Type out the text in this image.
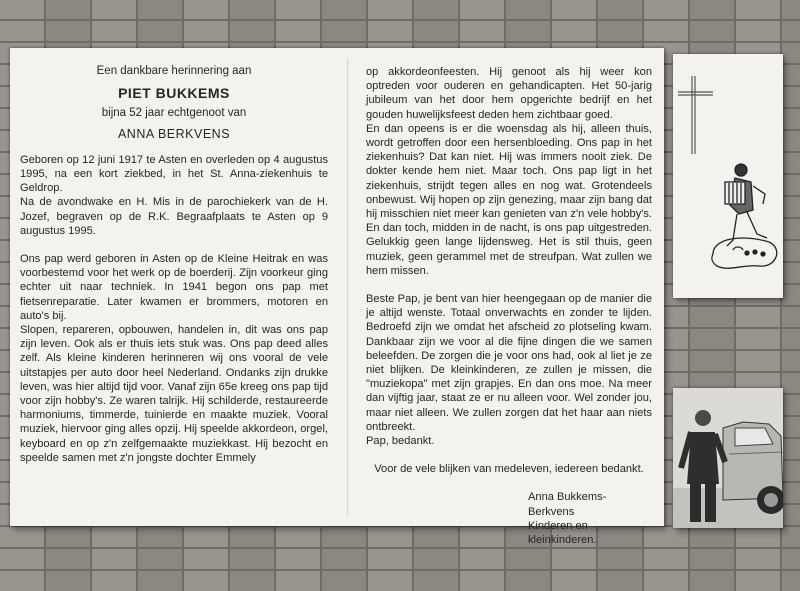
Een dankbare herinnering aan

PIET BUKKEMS

bijna 52 jaar echtgenoot van

ANNA BERKVENS

Geboren op 12 juni 1917 te Asten en overleden op 4 augustus 1995, na een kort ziekbed, in het St. Anna-ziekenhuis te Geldrop.

Na de avondwake en H. Mis in de parochiekerk van de H. Jozef, begraven op de R.K. Begraafplaats te Asten op 9 augustus 1995.

Ons pap werd geboren in Asten op de Kleine Heitrak en was voorbestemd voor het werk op de boerderij. Zijn voorkeur ging echter uit naar techniek. In 1941 begon ons pap met fietsenreparatie. Later kwamen er brommers, motoren en auto's bij.

Slopen, repareren, opbouwen, handelen in, dit was ons pap zijn leven. Ook als er thuis iets stuk was. Ons pap deed alles zelf. Als kleine kinderen herinneren wij ons vooral de vele uitstapjes per auto door heel Nederland. Ondanks zijn drukke leven, was hier altijd tijd voor. Vanaf zijn 65e kreeg ons pap tijd voor zijn hobby's. Ze waren talrijk. Hij schilderde, restaureerde harmoniums, timmerde, tuinierde en maakte muziek. Vooral muziek, hiervoor ging alles opzij. Hij speelde akkordeon, orgel, keyboard en op z'n zelfgemaakte muziekkast. Hij bezocht en speelde samen met z'n jongste dochter Emmely

op akkordeonfeesten. Hij genoot als hij weer kon optreden voor ouderen en gehandicapten. Het 50-jarig jubileum van het door hem opgerichte bedrijf en het gouden huwelijksfeest deden hem zichtbaar goed.

En dan opeens is er die woensdag als hij, alleen thuis, wordt getroffen door een hersenbloeding. Ons pap in het ziekenhuis? Dat kan niet. Hij was immers nooit ziek. De dokter kende hem niet. Maar toch. Ons pap ligt in het ziekenhuis, strijdt tegen alles en nog wat. Grotendeels onbewust. Wij hopen op zijn genezing, maar zijn bang dat hij misschien niet meer kan genieten van z'n vele hobby's. En dan toch, midden in de nacht, is ons pap uitgestreden. Gelukkig geen lange lijdensweg. Het is stil thuis, geen muziek, geen gerammel met de streufpan. Wat zullen we hem missen.

Beste Pap, je bent van hier heengegaan op de manier die je altijd wenste. Totaal onverwachts en zonder te lijden. Bedroefd zijn we omdat het afscheid zo plotseling kwam. Dankbaar zijn we voor al die fijne dingen die we samen beleefden. De zorgen die je voor ons had, ook al liet je ze niet blijken. De kleinkinderen, ze zullen je missen, die "muziekopa" met zijn grapjes. En dan ons moe. Na meer dan vijftig jaar, staat ze er nu alleen voor. Wel zonder jou, maar niet alleen. We zullen zorgen dat het haar aan niets ontbreekt.

Pap, bedankt.

Voor de vele blijken van medeleven, iedereen bedankt.

Anna Bukkems-Berkvens

Kinderen en kleinkinderen.
